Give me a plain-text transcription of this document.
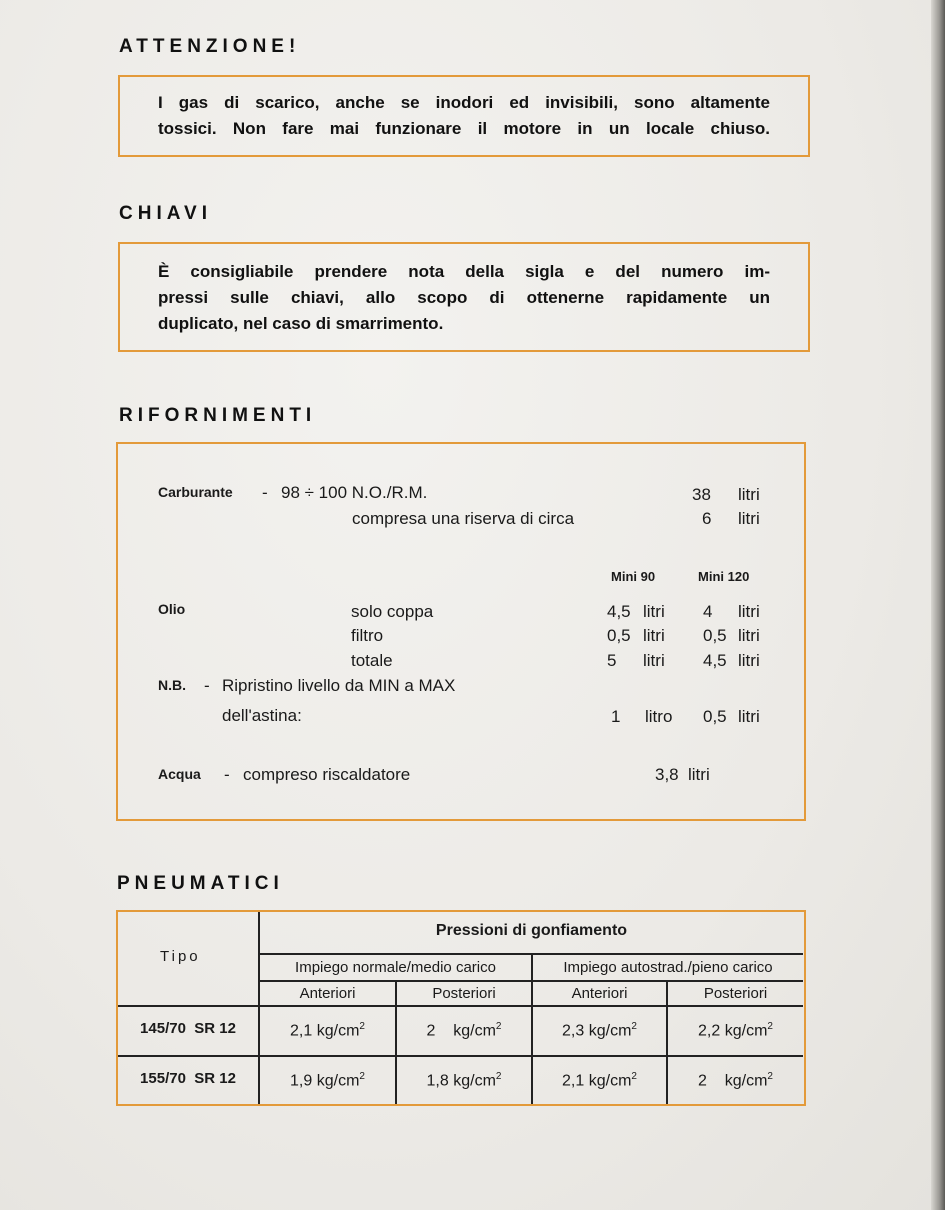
ATTENZIONE!
I gas di scarico, anche se inodori ed invisibili, sono altamente
tossici. Non fare mai funzionare il motore in un locale chiuso.
CHIAVI
È consigliabile prendere nota della sigla e del numero im-
pressi sulle chiavi, allo scopo di ottenerne rapidamente un
duplicato, nel caso di smarrimento.
RIFORNIMENTI
Carburante - 98 ÷ 100 N.O./R.M.	38 litri
compresa una riserva di circa	6 litri
Mini 90	Mini 120
Olio	solo coppa	4,5 litri 4 litri
filtro	0,5 litri 0,5 litri
totale	5 litri 4,5 litri
N.B. - Ripristino livello da MIN a MAX
dell'astina:	1 litro 0,5 litri
Acqua - compreso riscaldatore	3,8 litri
PNEUMATICI
Tipo
Pressioni di gonfiamento
Impiego normale/medio carico	Impiego autostrad./pieno carico
Anteriori	Posteriori	Anteriori	Posteriori
145/70  SR 12	2,1 $kg/cm^2$	2 $kg/cm^2$	2,3 $kg/cm^2$	2,2 $kg/cm^2$
155/70  SR 12	1,9 $kg/cm^2$	1,8 $kg/cm^2$	2,1 $kg/cm^2$	2 $kg/cm^2$
